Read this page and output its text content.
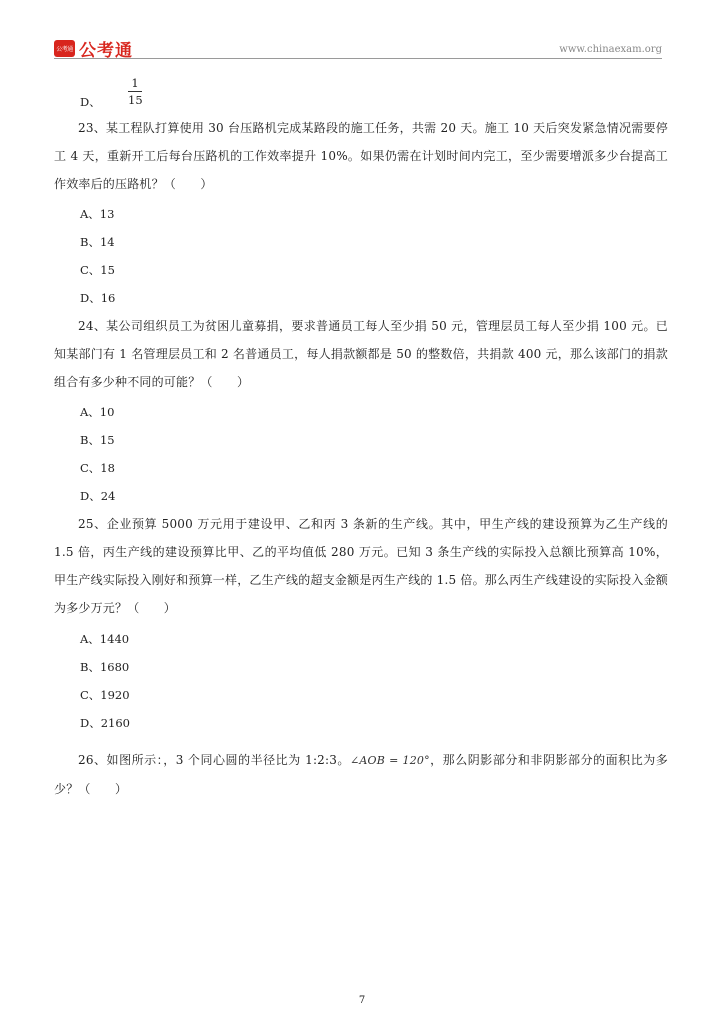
公考通 公考通	www.chinaexam.org
D、 $\frac{1}{15}$
23、某工程队打算使用 30 台压路机完成某路段的施工任务，共需 20 天。施工 10 天后突发紧急情况需要停工 4 天，重新开工后每台压路机的工作效率提升 10%。如果仍需在计划时间内完工，至少需要增派多少台提高工作效率后的压路机？（　　）
A、13
B、14
C、15
D、16
24、某公司组织员工为贫困儿童募捐，要求普通员工每人至少捐 50 元，管理层员工每人至少捐 100 元。已知某部门有 1 名管理层员工和 2 名普通员工，每人捐款额都是 50 的整数倍，共捐款 400 元，那么该部门的捐款组合有多少种不同的可能？（　　）
A、10
B、15
C、18
D、24
25、企业预算 5000 万元用于建设甲、乙和丙 3 条新的生产线。其中，甲生产线的建设预算为乙生产线的 1.5 倍，丙生产线的建设预算比甲、乙的平均值低 280 万元。已知 3 条生产线的实际投入总额比预算高 10%，甲生产线实际投入刚好和预算一样，乙生产线的超支金额是丙生产线的 1.5 倍。那么丙生产线建设的实际投入金额为多少万元？（　　）
A、1440
B、1680
C、1920
D、2160
26、如图所示：，3 个同心圆的半径比为 1:2:3。∠AOB = 120°，那么阴影部分和非阴影部分的面积比为多少？（　　）
7
